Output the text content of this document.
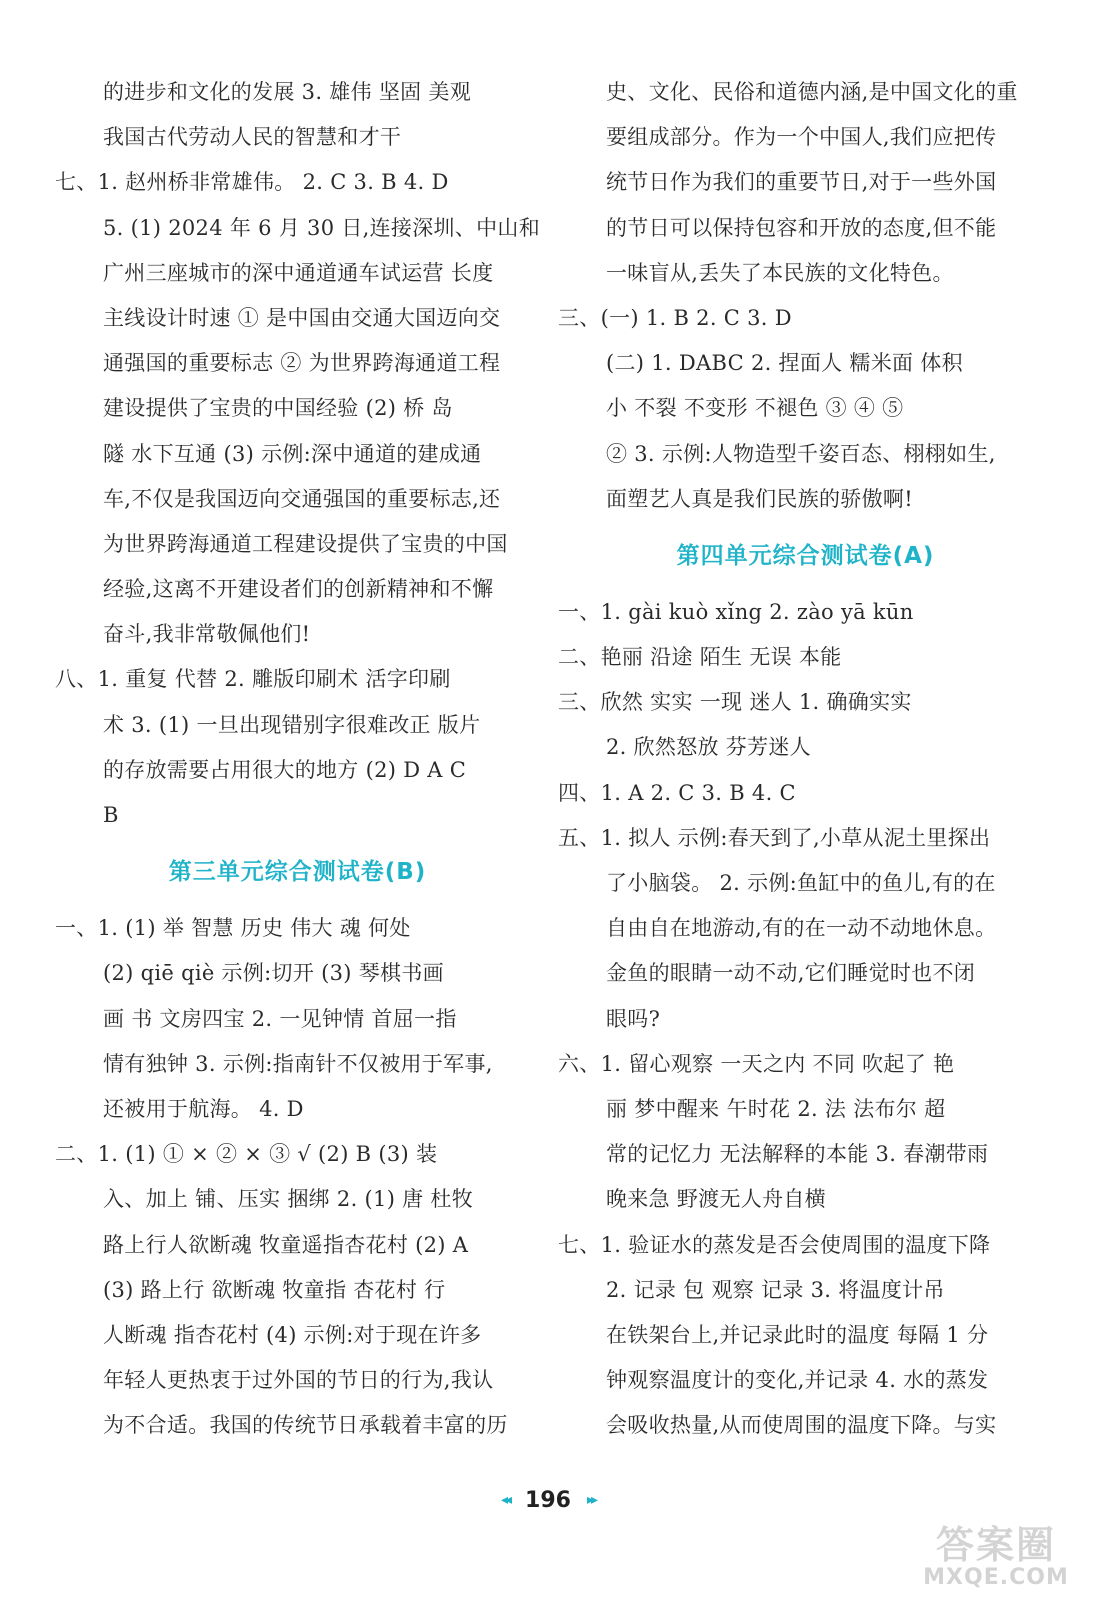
的进步和文化的发展 3. 雄伟 坚固 美观
我国古代劳动人民的智慧和才干
七、1. 赵州桥非常雄伟。 2. C 3. B 4. D
5. (1) 2024 年 6 月 30 日,连接深圳、中山和
广州三座城市的深中通道通车试运营 长度
主线设计时速 ① 是中国由交通大国迈向交
通强国的重要标志 ② 为世界跨海通道工程
建设提供了宝贵的中国经验 (2) 桥 岛
隧 水下互通 (3) 示例:深中通道的建成通
车,不仅是我国迈向交通强国的重要标志,还
为世界跨海通道工程建设提供了宝贵的中国
经验,这离不开建设者们的创新精神和不懈
奋斗,我非常敬佩他们!
八、1. 重复 代替 2. 雕版印刷术 活字印刷
术 3. (1) 一旦出现错别字很难改正 版片
的存放需要占用很大的地方 (2) D A C
B
第三单元综合测试卷(B)
一、1. (1) 举 智慧 历史 伟大 魂 何处
(2) qiē qiè 示例:切开 (3) 琴棋书画
画 书 文房四宝 2. 一见钟情 首屈一指
情有独钟 3. 示例:指南针不仅被用于军事,
还被用于航海。 4. D
二、1. (1) ① × ② × ③ √ (2) B (3) 装
入、加上 铺、压实 捆绑 2. (1) 唐 杜牧
路上行人欲断魂 牧童遥指杏花村 (2) A
(3) 路上行 欲断魂 牧童指 杏花村 行
人断魂 指杏花村 (4) 示例:对于现在许多
年轻人更热衷于过外国的节日的行为,我认
为不合适。我国的传统节日承载着丰富的历
史、文化、民俗和道德内涵,是中国文化的重
要组成部分。作为一个中国人,我们应把传
统节日作为我们的重要节日,对于一些外国
的节日可以保持包容和开放的态度,但不能
一味盲从,丢失了本民族的文化特色。
三、(一) 1. B 2. C 3. D
(二) 1. DABC 2. 捏面人 糯米面 体积
小 不裂 不变形 不褪色 ③ ④ ⑤
② 3. 示例:人物造型千姿百态、栩栩如生,
面塑艺人真是我们民族的骄傲啊!
第四单元综合测试卷(A)
一、1. gài kuò xǐng 2. zào yā kūn
二、艳丽 沿途 陌生 无误 本能
三、欣然 实实 一现 迷人 1. 确确实实
2. 欣然怒放 芬芳迷人
四、1. A 2. C 3. B 4. C
五、1. 拟人 示例:春天到了,小草从泥土里探出
了小脑袋。 2. 示例:鱼缸中的鱼儿,有的在
自由自在地游动,有的在一动不动地休息。
金鱼的眼睛一动不动,它们睡觉时也不闭
眼吗?
六、1. 留心观察 一天之内 不同 吹起了 艳
丽 梦中醒来 午时花 2. 法 法布尔 超
常的记忆力 无法解释的本能 3. 春潮带雨
晚来急 野渡无人舟自横
七、1. 验证水的蒸发是否会使周围的温度下降
2. 记录 包 观察 记录 3. 将温度计吊
在铁架台上,并记录此时的温度 每隔 1 分
钟观察温度计的变化,并记录 4. 水的蒸发
会吸收热量,从而使周围的温度下降。与实
◂◂ 196 ▸▸
答案圈
MXQE.COM
